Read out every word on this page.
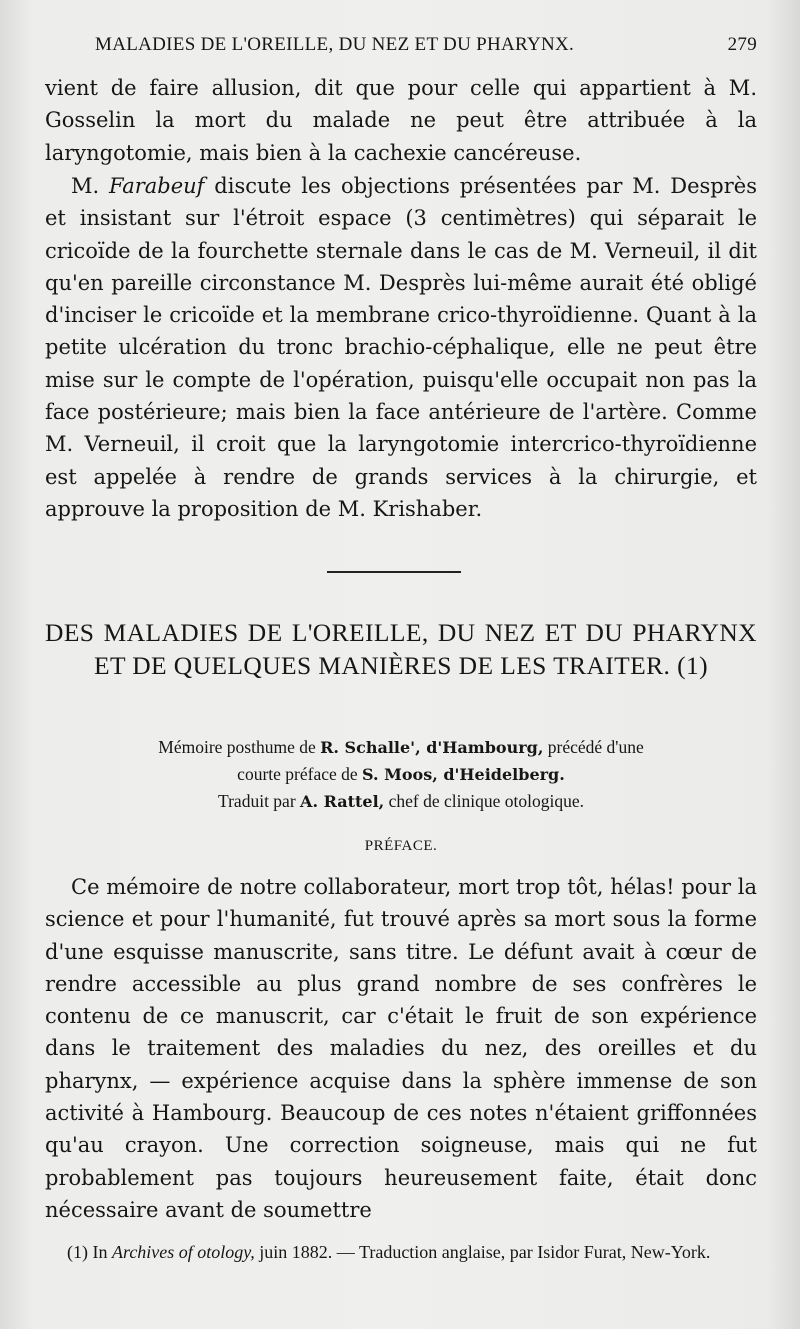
MALADIES DE L'OREILLE, DU NEZ ET DU PHARYNX.	279

vient de faire allusion, dit que pour celle qui appartient à M. Gosselin la mort du malade ne peut être attribuée à la laryngotomie, mais bien à la cachexie cancéreuse.

M. Farabeuf discute les objections présentées par M. Desprès et insistant sur l'étroit espace (3 centimètres) qui séparait le cricoïde de la fourchette sternale dans le cas de M. Verneuil, il dit qu'en pareille circonstance M. Desprès lui-même aurait été obligé d'inciser le cricoïde et la membrane crico-thyroïdienne. Quant à la petite ulcération du tronc brachio-céphalique, elle ne peut être mise sur le compte de l'opération, puisqu'elle occupait non pas la face postérieure; mais bien la face antérieure de l'artère. Comme M. Verneuil, il croit que la laryngotomie intercrico-thyroïdienne est appelée à rendre de grands services à la chirurgie, et approuve la proposition de M. Krishaber.

DES MALADIES DE L'OREILLE, DU NEZ ET DU PHARYNX ET DE QUELQUES MANIÈRES DE LES TRAITER. (1)
Mémoire posthume de R. Schalle', d'Hambourg, précédé d'une
courte préface de S. Moos, d'Heidelberg.
Traduit par A. Rattel, chef de clinique otologique.
PRÉFACE.

Ce mémoire de notre collaborateur, mort trop tôt, hélas! pour la science et pour l'humanité, fut trouvé après sa mort sous la forme d'une esquisse manuscrite, sans titre. Le défunt avait à cœur de rendre accessible au plus grand nombre de ses confrères le contenu de ce manuscrit, car c'était le fruit de son expérience dans le traitement des maladies du nez, des oreilles et du pharynx, — expérience acquise dans la sphère immense de son activité à Hambourg. Beaucoup de ces notes n'étaient griffonnées qu'au crayon. Une correction soigneuse, mais qui ne fut probablement pas toujours heureusement faite, était donc nécessaire avant de soumettre

(1) In Archives of otology, juin 1882. — Traduction anglaise, par Isidor Furat, New-York.
